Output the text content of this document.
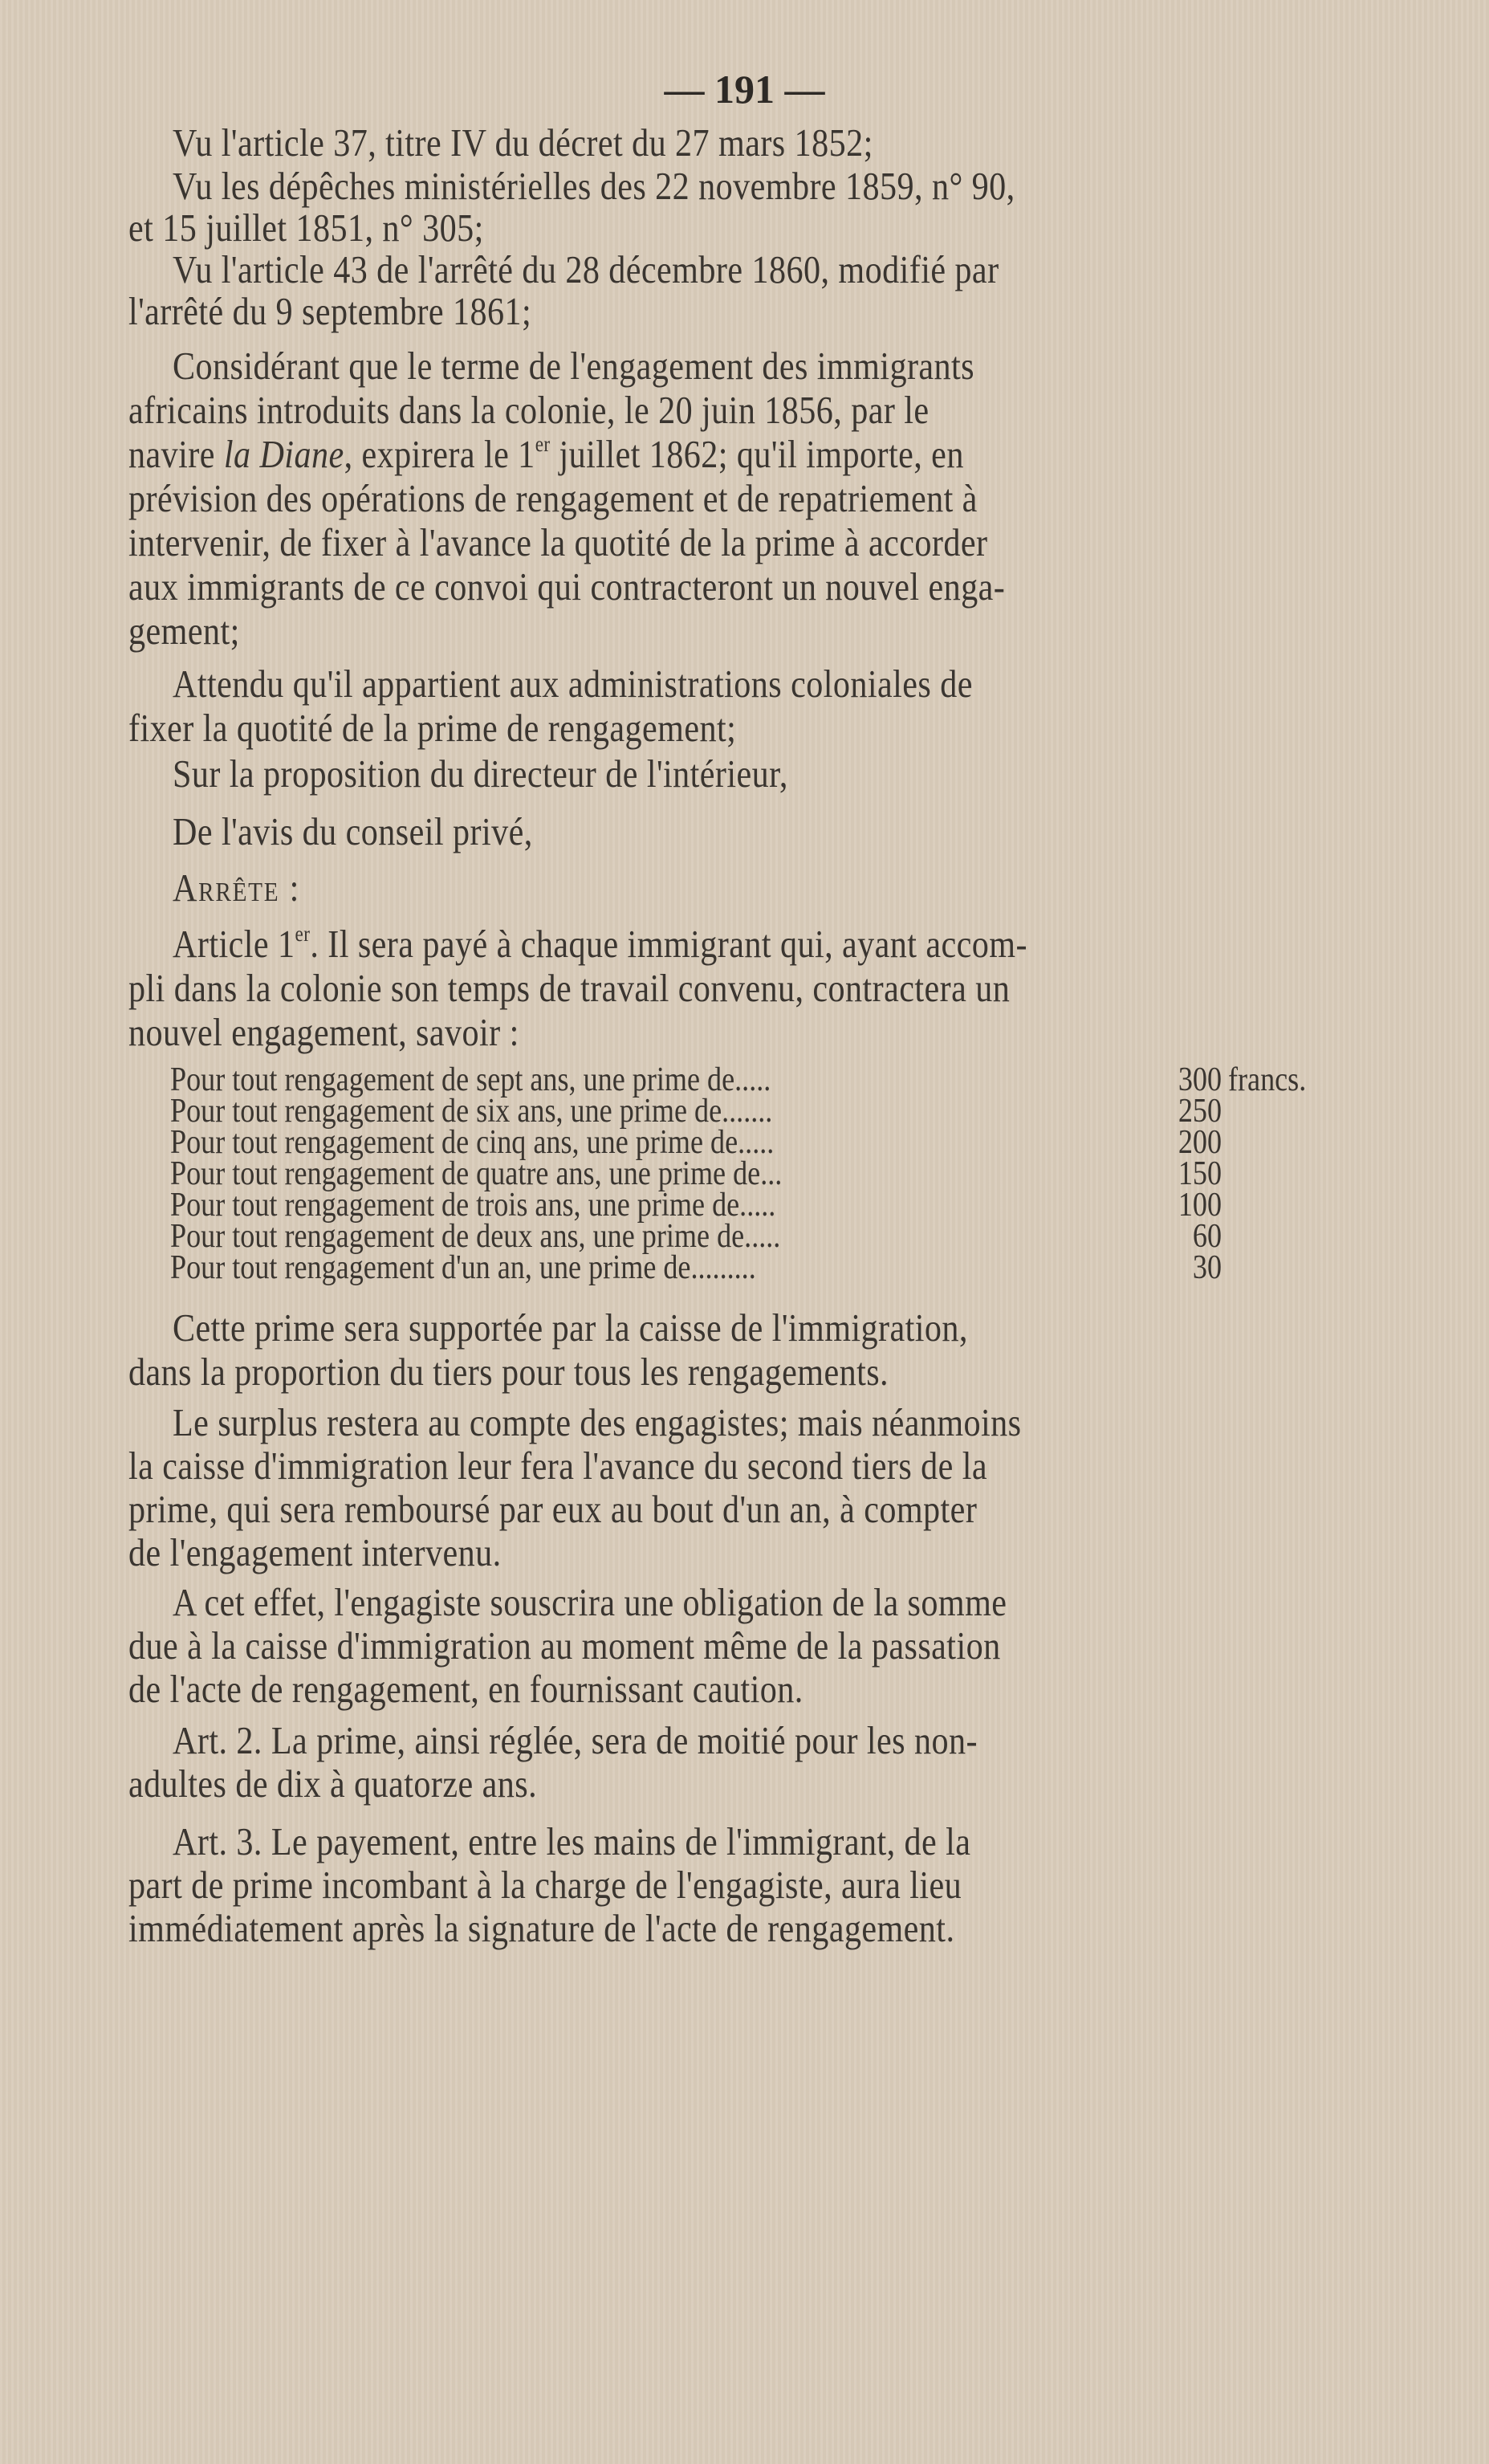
— 191 —
Vu l'article 37, titre IV du décret du 27 mars 1852;
Vu les dépêches ministérielles des 22 novembre 1859, n° 90,
et 15 juillet 1851, n° 305;
Vu l'article 43 de l'arrêté du 28 décembre 1860, modifié par
l'arrêté du 9 septembre 1861;
Considérant que le terme de l'engagement des immigrants
africains introduits dans la colonie, le 20 juin 1856, par le
navire la Diane, expirera le 1er juillet 1862; qu'il importe, en
prévision des opérations de rengagement et de repatriement à
intervenir, de fixer à l'avance la quotité de la prime à accorder
aux immigrants de ce convoi qui contracteront un nouvel enga-
gement;
Attendu qu'il appartient aux administrations coloniales de
fixer la quotité de la prime de rengagement;
Sur la proposition du directeur de l'intérieur,
De l'avis du conseil privé,
Arrête :
Article 1er. Il sera payé à chaque immigrant qui, ayant accom-
pli dans la colonie son temps de travail convenu, contractera un
nouvel engagement, savoir :
Pour tout rengagement de sept ans, une prime de.....	300 francs.
Pour tout rengagement de six ans, une prime de.......	250
Pour tout rengagement de cinq ans, une prime de.....	200
Pour tout rengagement de quatre ans, une prime de...	150
Pour tout rengagement de trois ans, une prime de.....	100
Pour tout rengagement de deux ans, une prime de.....	60
Pour tout rengagement d'un an, une prime de.........	30
Cette prime sera supportée par la caisse de l'immigration,
dans la proportion du tiers pour tous les rengagements.
Le surplus restera au compte des engagistes; mais néanmoins
la caisse d'immigration leur fera l'avance du second tiers de la
prime, qui sera remboursé par eux au bout d'un an, à compter
de l'engagement intervenu.
A cet effet, l'engagiste souscrira une obligation de la somme
due à la caisse d'immigration au moment même de la passation
de l'acte de rengagement, en fournissant caution.
Art. 2. La prime, ainsi réglée, sera de moitié pour les non-
adultes de dix à quatorze ans.
Art. 3. Le payement, entre les mains de l'immigrant, de la
part de prime incombant à la charge de l'engagiste, aura lieu
immédiatement après la signature de l'acte de rengagement.
